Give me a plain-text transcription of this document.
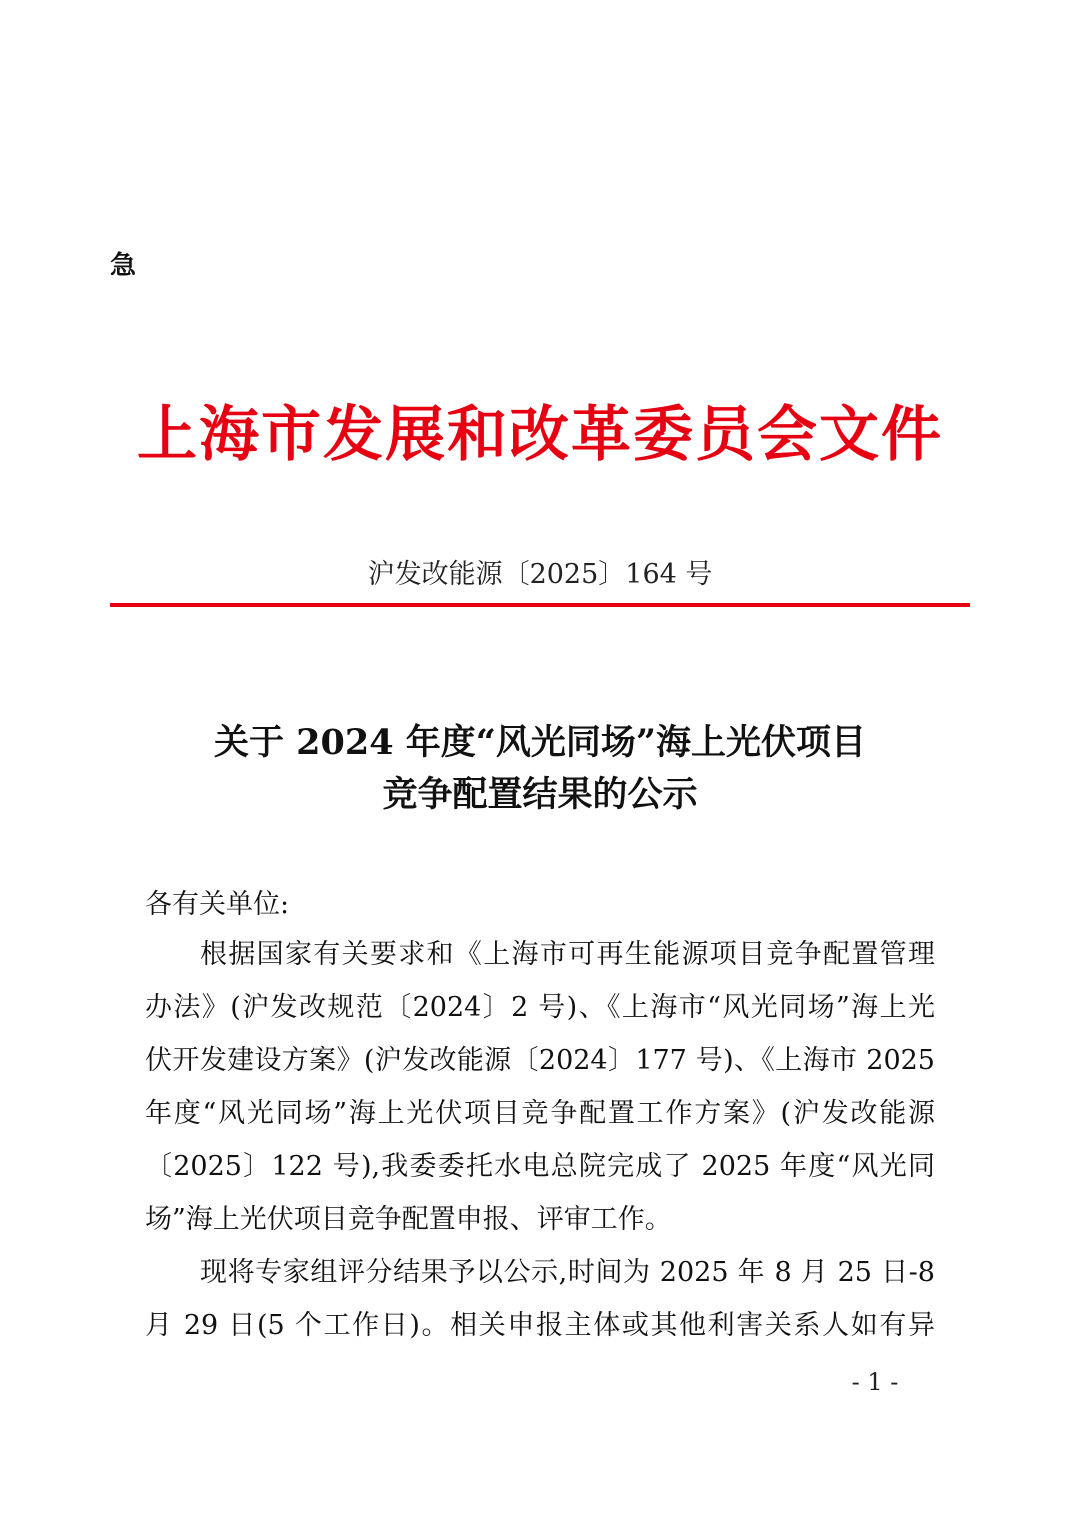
急
上海市发展和改革委员会文件
沪发改能源〔2025〕164 号
关于 2024 年度“风光同场”海上光伏项目
竞争配置结果的公示
各有关单位:
根据国家有关要求和《上海市可再生能源项目竞争配置管理
办法》(沪发改规范〔2024〕2 号)、《上海市“风光同场”海上光
伏开发建设方案》(沪发改能源〔2024〕177 号)、《上海市 2025
年度“风光同场”海上光伏项目竞争配置工作方案》(沪发改能源
〔2025〕122 号),我委委托水电总院完成了 2025 年度“风光同
场”海上光伏项目竞争配置申报、评审工作。
现将专家组评分结果予以公示,时间为 2025 年 8 月 25 日-8
月 29 日(5 个工作日)。相关申报主体或其他利害关系人如有异
- 1 -
